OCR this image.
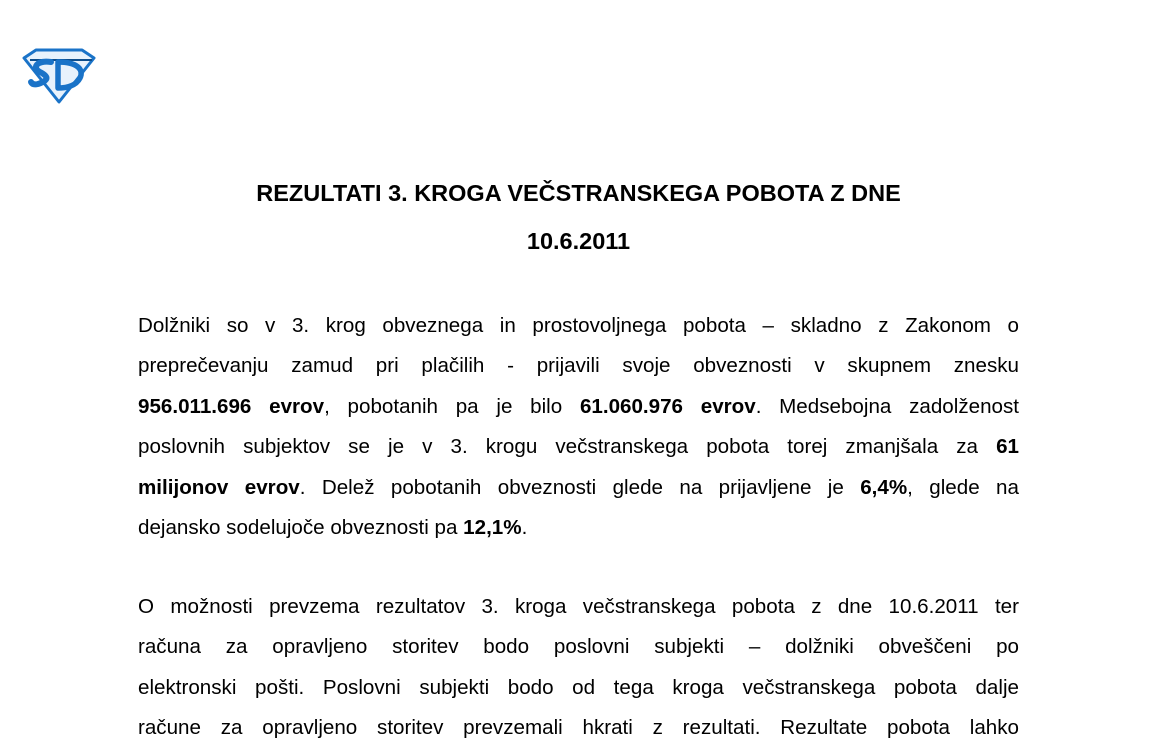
REZULTATI 3. KROGA VEČSTRANSKEGA POBOTA Z DNE
10.6.2011
Dolžniki so v 3. krog obveznega in prostovoljnega pobota – skladno z Zakonom o
preprečevanju zamud pri plačilih - prijavili svoje obveznosti v skupnem znesku
956.011.696 evrov, pobotanih pa je bilo 61.060.976 evrov. Medsebojna zadolženost
poslovnih subjektov se je v 3. krogu večstranskega pobota torej zmanjšala za 61
milijonov evrov. Delež pobotanih obveznosti glede na prijavljene je 6,4%, glede na
dejansko sodelujoče obveznosti pa 12,1%.
O možnosti prevzema rezultatov 3. kroga večstranskega pobota z dne 10.6.2011 ter
računa za opravljeno storitev bodo poslovni subjekti – dolžniki obveščeni po
elektronski pošti. Poslovni subjekti bodo od tega kroga večstranskega pobota dalje
račune za opravljeno storitev prevzemali hkrati z rezultati. Rezultate pobota lahko
